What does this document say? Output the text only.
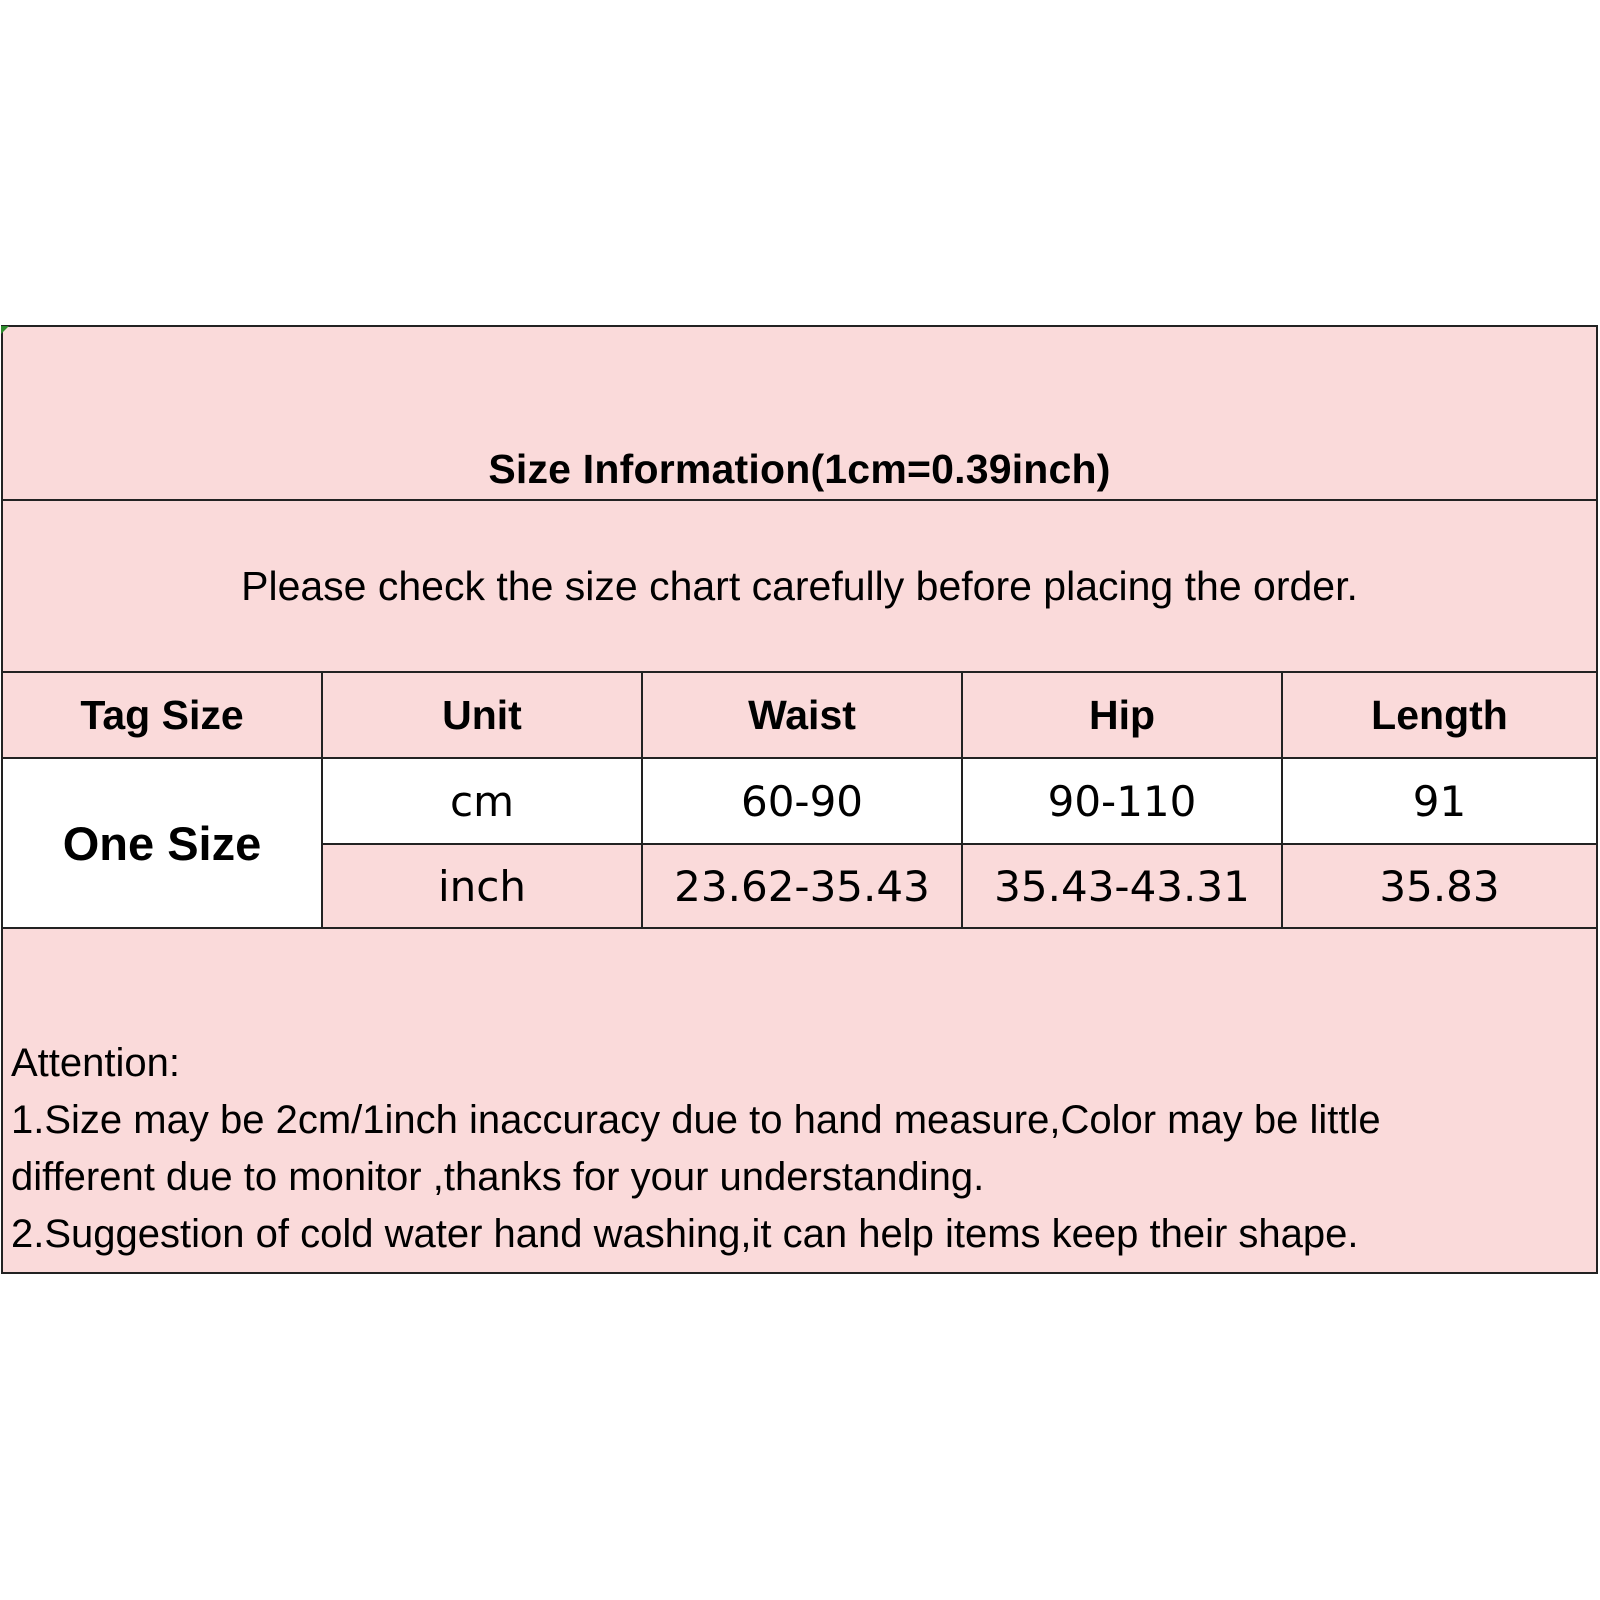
Size Information(1cm=0.39inch)
Please check the size chart carefully before placing the order.
Tag Size	Unit	Waist	Hip	Length
One Size
cm	60-90	90-110	91
inch	23.62-35.43	35.43-43.31	35.83
Attention:
1.Size may be 2cm/1inch inaccuracy due to hand measure,Color may be little
different due to monitor ,thanks for your understanding.
2.Suggestion of cold water hand washing,it can help items keep their shape.
